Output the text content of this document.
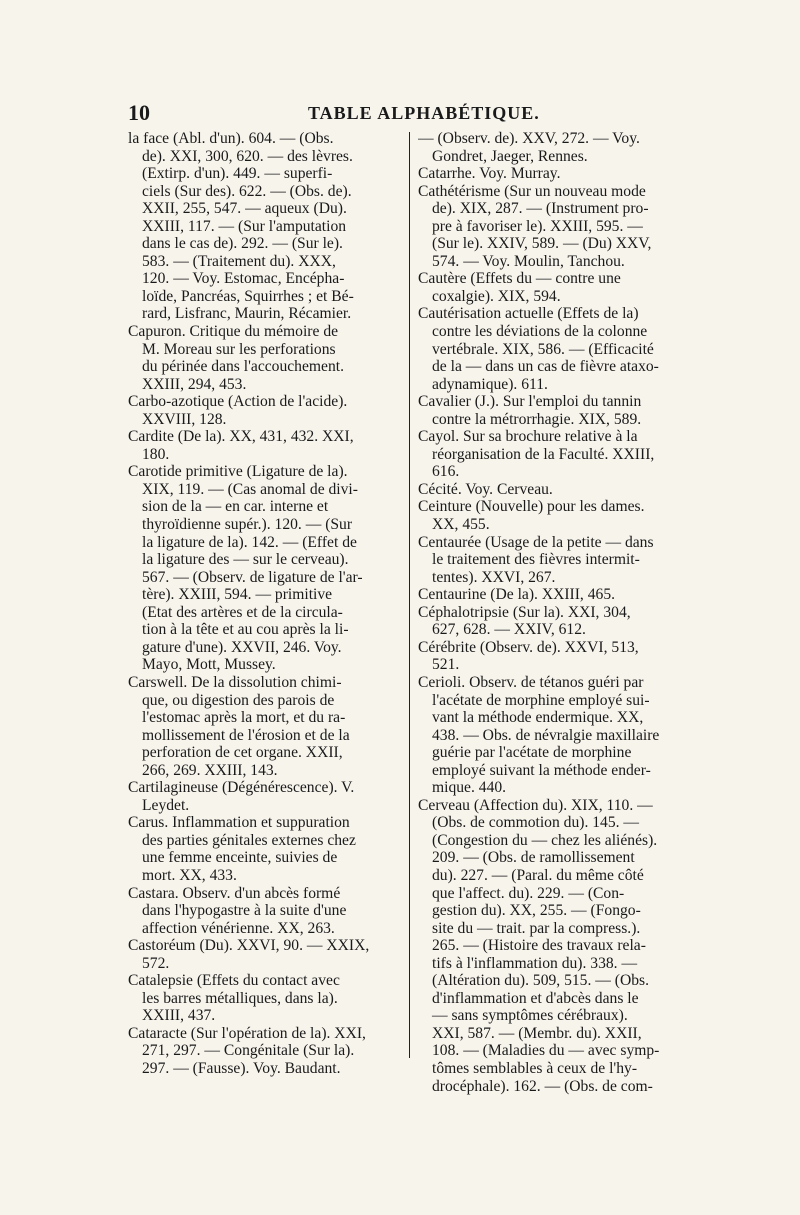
10	TABLE ALPHABÉTIQUE.
la face (Abl. d'un). 604. — (Obs.
de). XXI, 300, 620. — des lèvres.
(Extirp. d'un). 449. — superfi-
ciels (Sur des). 622. — (Obs. de).
XXII, 255, 547. — aqueux (Du).
XXIII, 117. — (Sur l'amputation
dans le cas de). 292. — (Sur le).
583. — (Traitement du). XXX,
120. — Voy. Estomac, Encépha-
loïde, Pancréas, Squirrhes ; et Bé-
rard, Lisfranc, Maurin, Récamier.
Capuron. Critique du mémoire de
M. Moreau sur les perforations
du périnée dans l'accouchement.
XXIII, 294, 453.
Carbo-azotique (Action de l'acide).
XXVIII, 128.
Cardite (De la). XX, 431, 432. XXI,
180.
Carotide primitive (Ligature de la).
XIX, 119. — (Cas anomal de divi-
sion de la — en car. interne et
thyroïdienne supér.). 120. — (Sur
la ligature de la). 142. — (Effet de
la ligature des — sur le cerveau).
567. — (Observ. de ligature de l'ar-
tère). XXIII, 594. — primitive
(Etat des artères et de la circula-
tion à la tête et au cou après la li-
gature d'une). XXVII, 246. Voy.
Mayo, Mott, Mussey.
Carswell. De la dissolution chimi-
que, ou digestion des parois de
l'estomac après la mort, et du ra-
mollissement de l'érosion et de la
perforation de cet organe. XXII,
266, 269. XXIII, 143.
Cartilagineuse (Dégénérescence). V.
Leydet.
Carus. Inflammation et suppuration
des parties génitales externes chez
une femme enceinte, suivies de
mort. XX, 433.
Castara. Observ. d'un abcès formé
dans l'hypogastre à la suite d'une
affection vénérienne. XX, 263.
Castoréum (Du). XXVI, 90. — XXIX,
572.
Catalepsie (Effets du contact avec
les barres métalliques, dans la).
XXIII, 437.
Cataracte (Sur l'opération de la). XXI,
271, 297. — Congénitale (Sur la).
297. — (Fausse). Voy. Baudant.
— (Observ. de). XXV, 272. — Voy.
Gondret, Jaeger, Rennes.
Catarrhe. Voy. Murray.
Cathétérisme (Sur un nouveau mode
de). XIX, 287. — (Instrument pro-
pre à favoriser le). XXIII, 595. —
(Sur le). XXIV, 589. — (Du) XXV,
574. — Voy. Moulin, Tanchou.
Cautère (Effets du — contre une
coxalgie). XIX, 594.
Cautérisation actuelle (Effets de la)
contre les déviations de la colonne
vertébrale. XIX, 586. — (Efficacité
de la — dans un cas de fièvre ataxo-
adynamique). 611.
Cavalier (J.). Sur l'emploi du tannin
contre la métrorrhagie. XIX, 589.
Cayol. Sur sa brochure relative à la
réorganisation de la Faculté. XXIII,
616.
Cécité. Voy. Cerveau.
Ceinture (Nouvelle) pour les dames.
XX, 455.
Centaurée (Usage de la petite — dans
le traitement des fièvres intermit-
tentes). XXVI, 267.
Centaurine (De la). XXIII, 465.
Céphalotripsie (Sur la). XXI, 304,
627, 628. — XXIV, 612.
Cérébrite (Observ. de). XXVI, 513,
521.
Cerioli. Observ. de tétanos guéri par
l'acétate de morphine employé sui-
vant la méthode endermique. XX,
438. — Obs. de névralgie maxillaire
guérie par l'acétate de morphine
employé suivant la méthode ender-
mique. 440.
Cerveau (Affection du). XIX, 110. —
(Obs. de commotion du). 145. —
(Congestion du — chez les aliénés).
209. — (Obs. de ramollissement
du). 227. — (Paral. du même côté
que l'affect. du). 229. — (Con-
gestion du). XX, 255. — (Fongo-
site du — trait. par la compress.).
265. — (Histoire des travaux rela-
tifs à l'inflammation du). 338. —
(Altération du). 509, 515. — (Obs.
d'inflammation et d'abcès dans le
— sans symptômes cérébraux).
XXI, 587. — (Membr. du). XXII,
108. — (Maladies du — avec symp-
tômes semblables à ceux de l'hy-
drocéphale). 162. — (Obs. de com-
